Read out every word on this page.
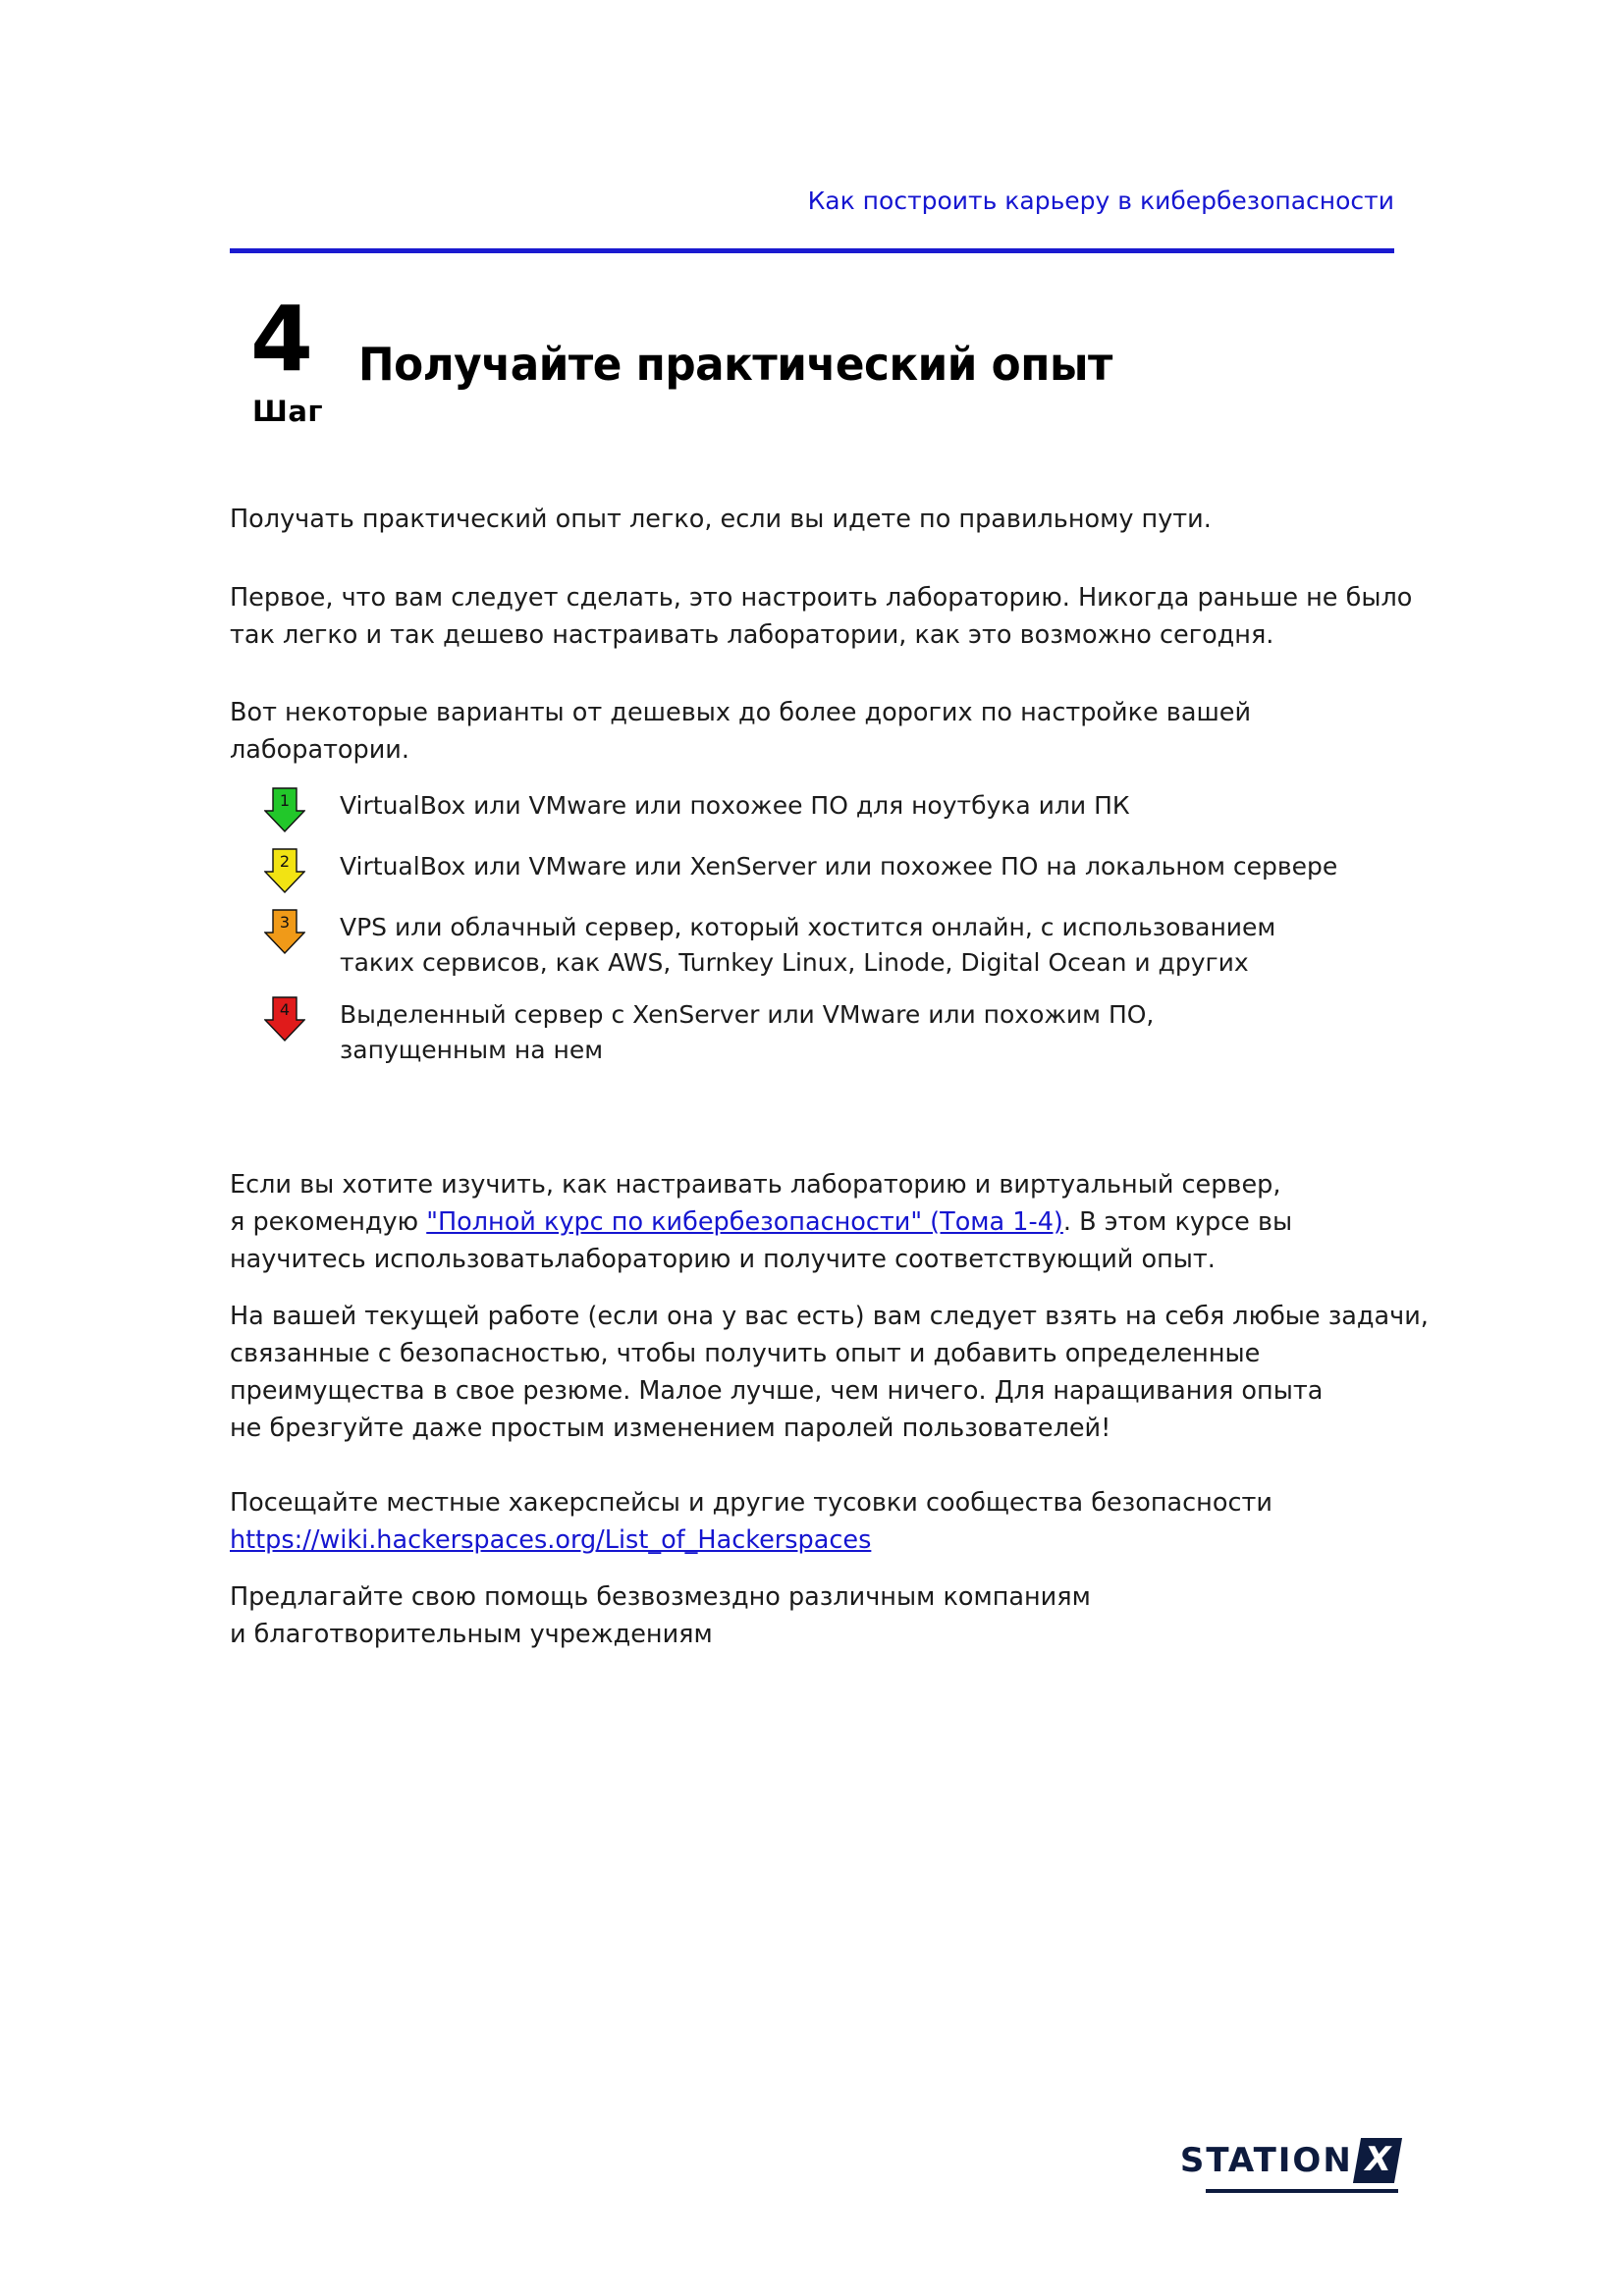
Как построить карьеру в кибербезопасности
4
Шаг
Получайте практический опыт
Получать практический опыт легко, если вы идете по правильному пути.
Первое, что вам следует сделать, это настроить лабораторию. Никогда раньше не было
так легко и так дешево настраивать лаборатории, как это возможно сегодня.
Вот некоторые варианты от дешевых до более дорогих по настройке вашей лаборатории.
1	VirtualBox или VMware или похожее ПО для ноутбука или ПК
2	VirtualBox или VMware или XenServer или похожее ПО на локальном сервере
3	VPS или облачный сервер, который хостится онлайн, с использованием
таких сервисов, как AWS, Turnkey Linux, Linode, Digital Ocean и других
4	Выделенный сервер с XenServer или VMware или похожим ПО,
запущенным на нем
Если вы хотите изучить, как настраивать лабораторию и виртуальный сервер,
я рекомендую "Полной курс по кибербезопасности" (Тома 1-4). В этом курсе вы
научитесь использоватьлабораторию и получите соответствующий опыт.
На вашей текущей работе (если она у вас есть) вам следует взять на себя любые задачи,
связанные с безопасностью, чтобы получить опыт и добавить определенные
преимущества в свое резюме. Малое лучше, чем ничего. Для наращивания опыта
не брезгуйте даже простым изменением паролей пользователей!
Посещайте местные хакерспейсы и другие тусовки сообщества безопасности
https://wiki.hackerspaces.org/List_of_Hackerspaces
Предлагайте свою помощь безвозмездно различным компаниям
и благотворительным учреждениям
STATION X
